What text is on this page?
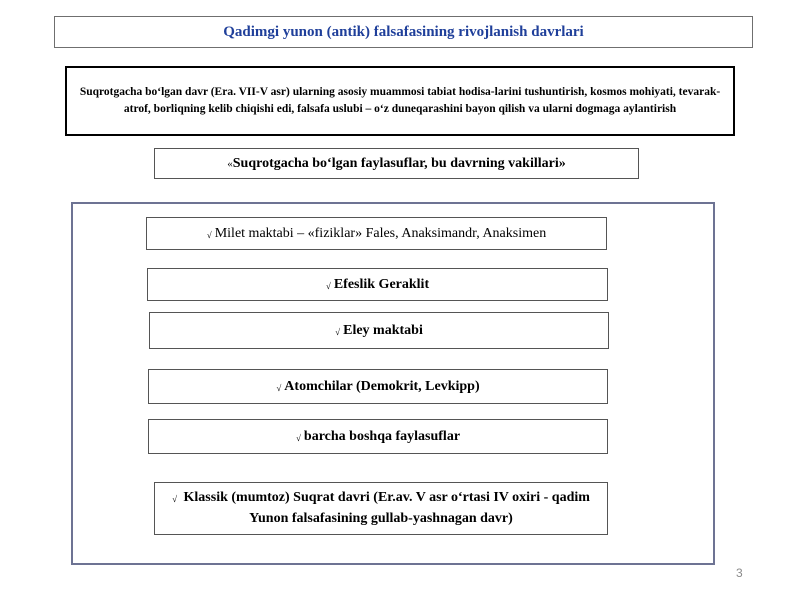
Qadimgi yunon (antik) falsafasining rivojlanish davrlari
Suqrotgacha bo‘lgan davr (Era. VII-V asr) ularning asosiy muammosi tabiat hodisa-larini tushuntirish, kosmos mohiyati, tevarak-atrof, borliqning kelib chiqishi edi, falsafa uslubi – o‘z duneqarashini bayon qilish va ularni dogmaga aylantirish
« Suqrotgacha bo‘lgan faylasuflar, bu davrning vakillari»
√ Milet maktabi – «fiziklar» Fales, Anaksimandr, Anaksimen
√ Efeslik Geraklit
√ Eley maktabi
√ Atomchilar (Demokrit, Levkipp)
√ barcha boshqa faylasuflar
√ Klassik (mumtoz) Suqrat davri (Er.av. V asr o‘rtasi IV oxiri - qadim Yunon falsafasining gullab-yashnagan davr)
3
